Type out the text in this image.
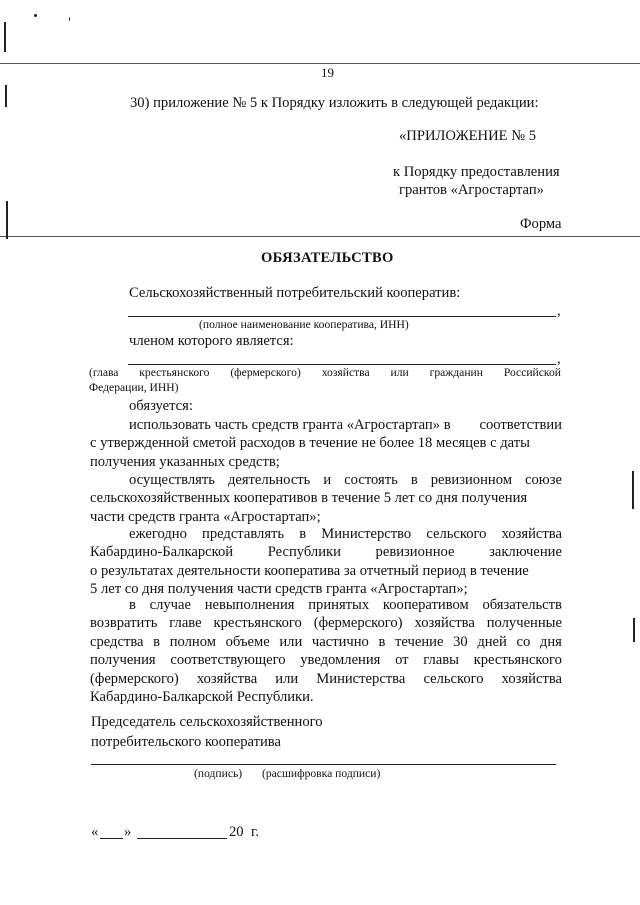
19
30) приложение № 5 к Порядку изложить в следующей редакции:
«ПРИЛОЖЕНИЕ № 5
к Порядку предоставления
грантов «Агростартап»
Форма
ОБЯЗАТЕЛЬСТВО
Сельскохозяйственный потребительский кооператив:
,
(полное наименование кооператива, ИНН)
членом которого является:
,
(глава крестьянского (фермерского) хозяйства или гражданин Российской
Федерации, ИНН)
обязуется:
использовать часть средств гранта «Агростартап» в соответствии
с утвержденной сметой расходов в течение не более 18 месяцев с даты
получения указанных средств;
осуществлять деятельность и состоять в ревизионном союзе
сельскохозяйственных кооперативов в течение 5 лет со дня получения
части средств гранта «Агростартап»;
ежегодно представлять в Министерство сельского хозяйства
Кабардино-Балкарской Республики ревизионное заключение
о результатах деятельности кооператива за отчетный период в течение
5 лет со дня получения части средств гранта «Агростартап»;
в случае невыполнения принятых кооперативом обязательств
возвратить главе крестьянского (фермерского) хозяйства полученные
средства в полном объеме или частично в течение 30 дней со дня
получения соответствующего уведомления от главы крестьянского
(фермерского) хозяйства или Министерства сельского хозяйства
Кабардино-Балкарской Республики.
Председатель сельскохозяйственного
потребительского кооператива
(подпись) (расшифровка подписи)
« »	20 г.
